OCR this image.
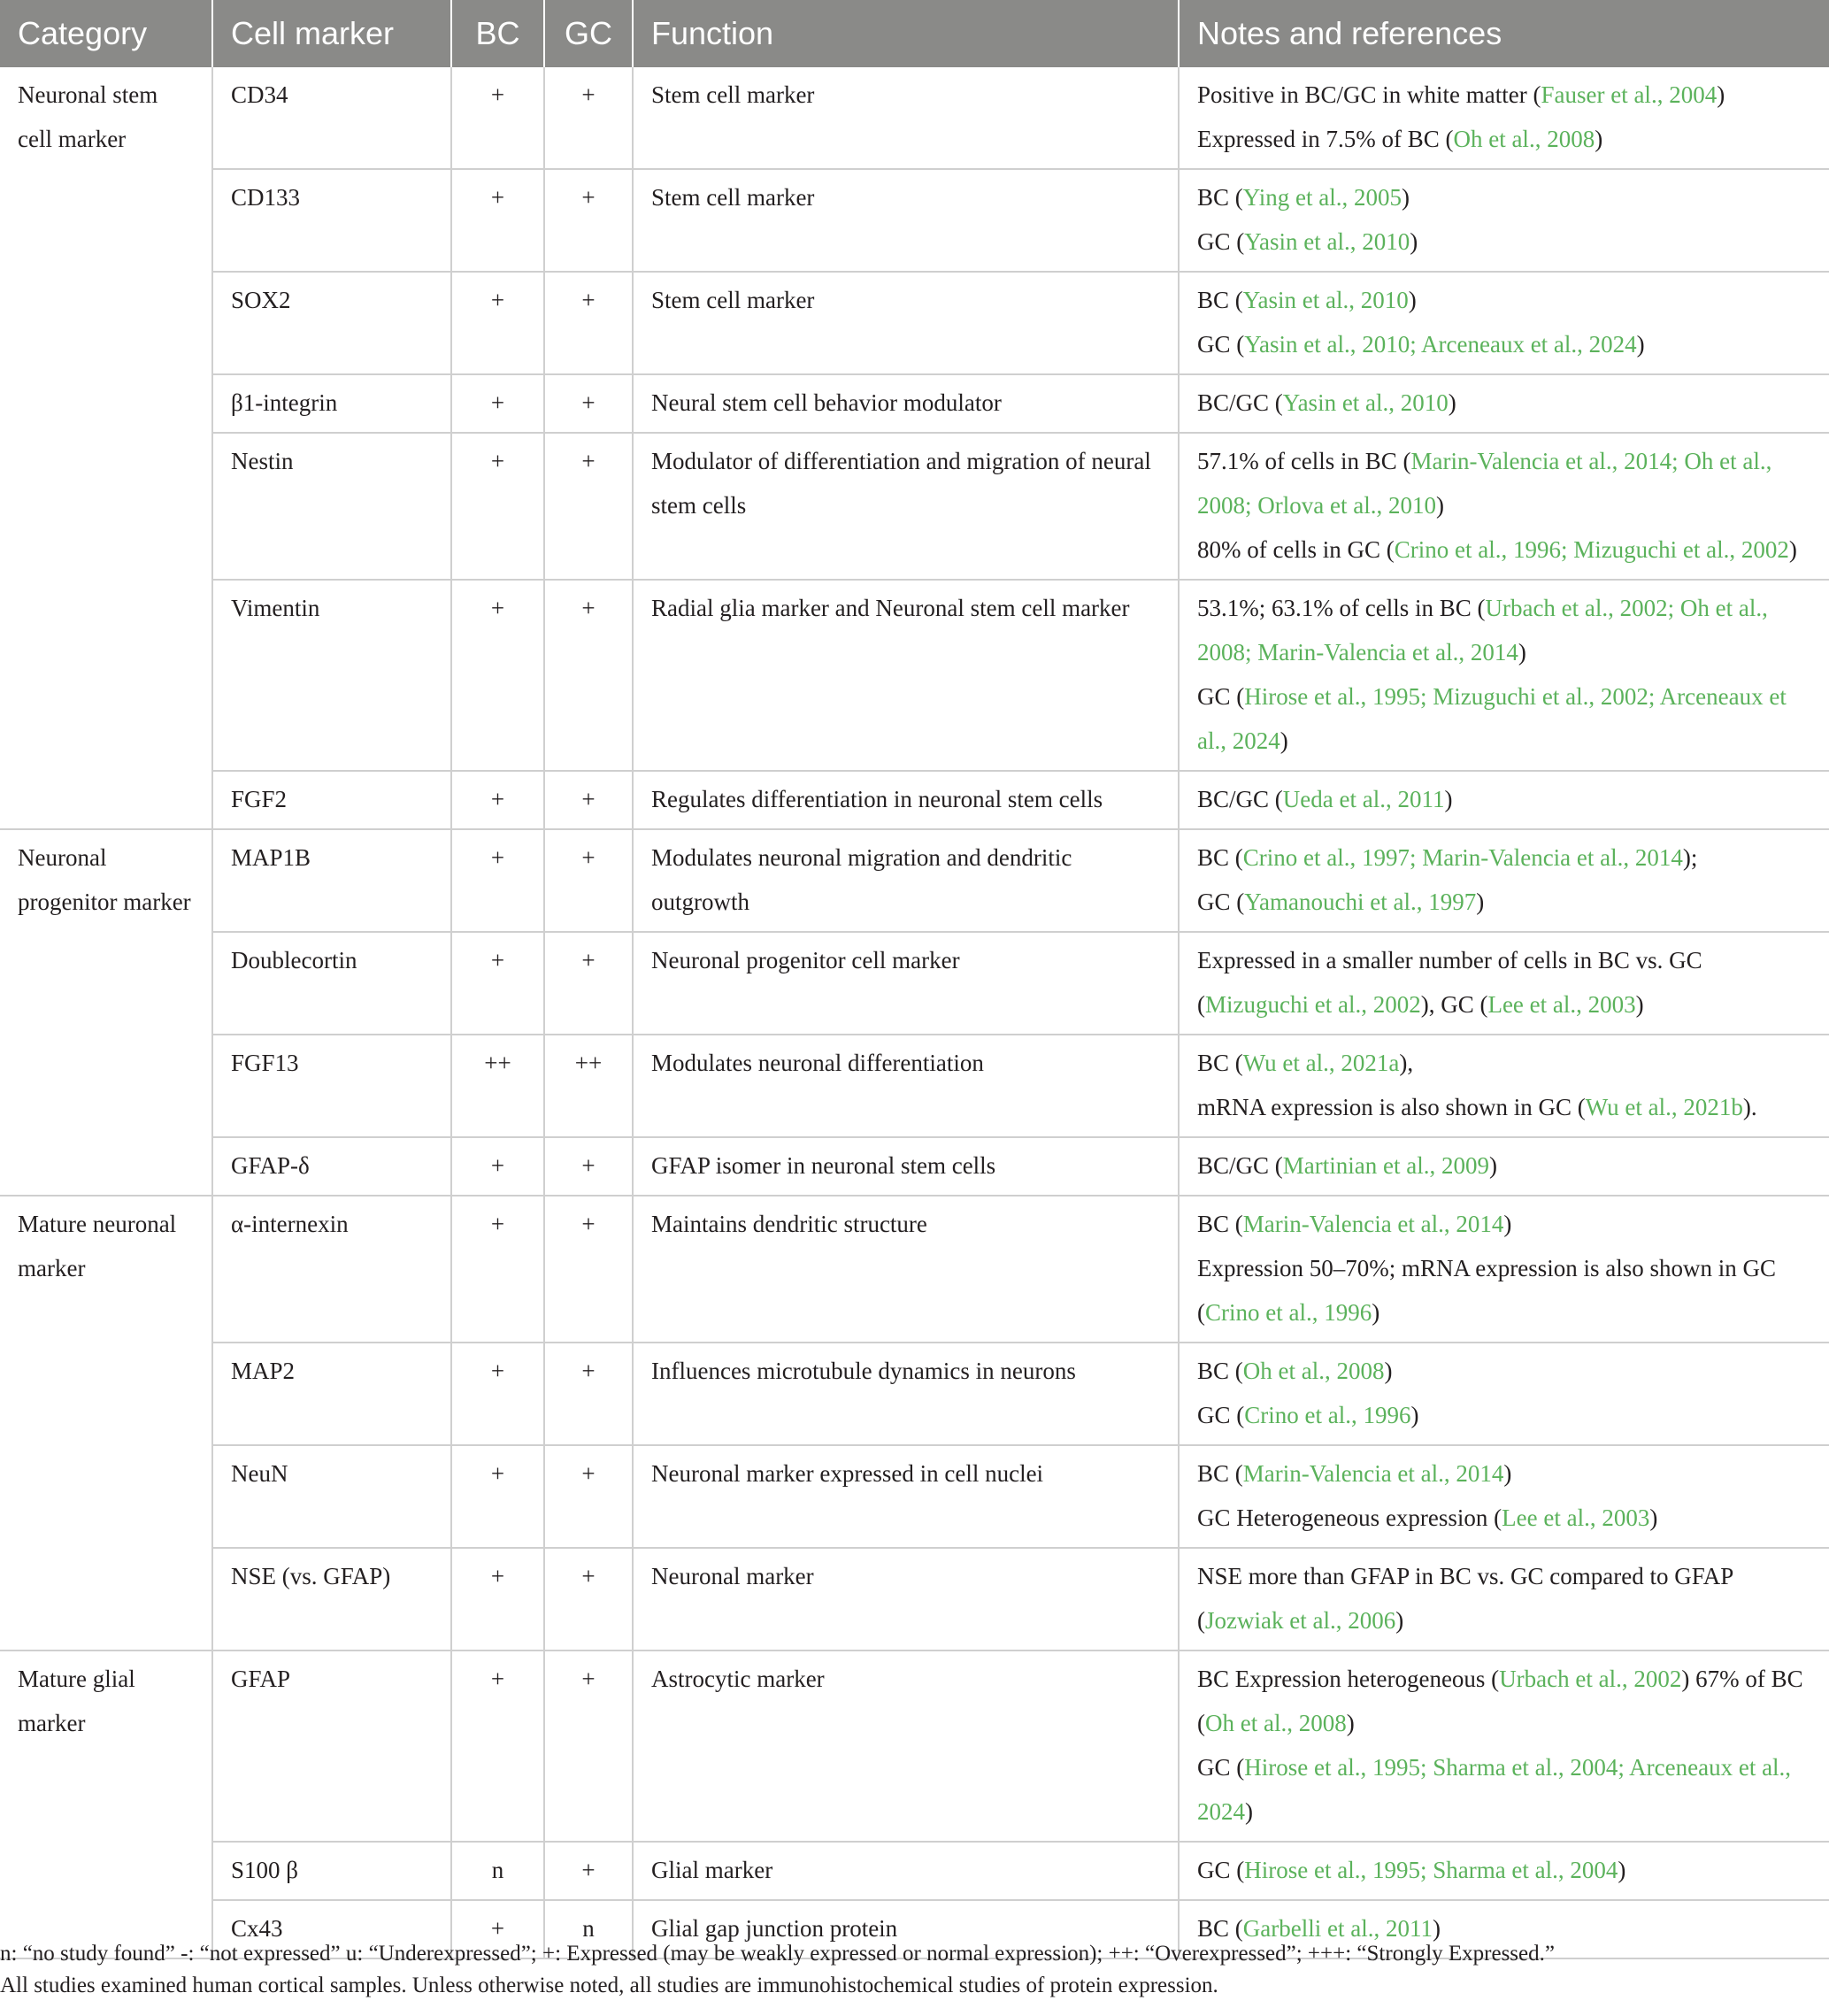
Category	Cell marker	BC	GC	Function	Notes and references
Neuronal stem cell marker	CD34	+	+	Stem cell marker	Positive in BC/GC in white matter (Fauser et al., 2004)
Expressed in 7.5% of BC (Oh et al., 2008)

	CD133	+	+	Stem cell marker	BC (Ying et al., 2005)
GC (Yasin et al., 2010)

	SOX2	+	+	Stem cell marker	BC (Yasin et al., 2010)
GC (Yasin et al., 2010; Arceneaux et al., 2024)

	β1-integrin	+	+	Neural stem cell behavior modulator	BC/GC (Yasin et al., 2010)

	Nestin	+	+	Modulator of differentiation and migration of neural stem cells	57.1% of cells in BC (Marin-Valencia et al., 2014; Oh et al., 2008; Orlova et al., 2010)
80% of cells in GC (Crino et al., 1996; Mizuguchi et al., 2002)

	Vimentin	+	+	Radial glia marker and Neuronal stem cell marker	53.1%; 63.1% of cells in BC (Urbach et al., 2002; Oh et al., 2008; Marin-Valencia et al., 2014)
GC (Hirose et al., 1995; Mizuguchi et al., 2002; Arceneaux et al., 2024)

	FGF2	+	+	Regulates differentiation in neuronal stem cells	BC/GC (Ueda et al., 2011)

Neuronal progenitor marker	MAP1B	+	+	Modulates neuronal migration and dendritic outgrowth	BC (Crino et al., 1997; Marin-Valencia et al., 2014);
GC (Yamanouchi et al., 1997)

	Doublecortin	+	+	Neuronal progenitor cell marker	Expressed in a smaller number of cells in BC vs. GC (Mizuguchi et al., 2002), GC (Lee et al., 2003)

	FGF13	++	++	Modulates neuronal differentiation	BC (Wu et al., 2021a),
mRNA expression is also shown in GC (Wu et al., 2021b).

	GFAP-δ	+	+	GFAP isomer in neuronal stem cells	BC/GC (Martinian et al., 2009)

Mature neuronal marker	α-internexin	+	+	Maintains dendritic structure	BC (Marin-Valencia et al., 2014)
Expression 50–70%; mRNA expression is also shown in GC (Crino et al., 1996)

	MAP2	+	+	Influences microtubule dynamics in neurons	BC (Oh et al., 2008)
GC (Crino et al., 1996)

	NeuN	+	+	Neuronal marker expressed in cell nuclei	BC (Marin-Valencia et al., 2014)
GC Heterogeneous expression (Lee et al., 2003)

	NSE (vs. GFAP)	+	+	Neuronal marker	NSE more than GFAP in BC vs. GC compared to GFAP (Jozwiak et al., 2006)

Mature glial marker	GFAP	+	+	Astrocytic marker	BC Expression heterogeneous (Urbach et al., 2002) 67% of BC (Oh et al., 2008)
GC (Hirose et al., 1995; Sharma et al., 2004; Arceneaux et al., 2024)

	S100 β	n	+	Glial marker	GC (Hirose et al., 1995; Sharma et al., 2004)

	Cx43	+	n	Glial gap junction protein	BC (Garbelli et al., 2011)
n: “no study found” -: “not expressed” u: “Underexpressed”; +: Expressed (may be weakly expressed or normal expression); ++: “Overexpressed”; +++: “Strongly Expressed.”
All studies examined human cortical samples. Unless otherwise noted, all studies are immunohistochemical studies of protein expression.
